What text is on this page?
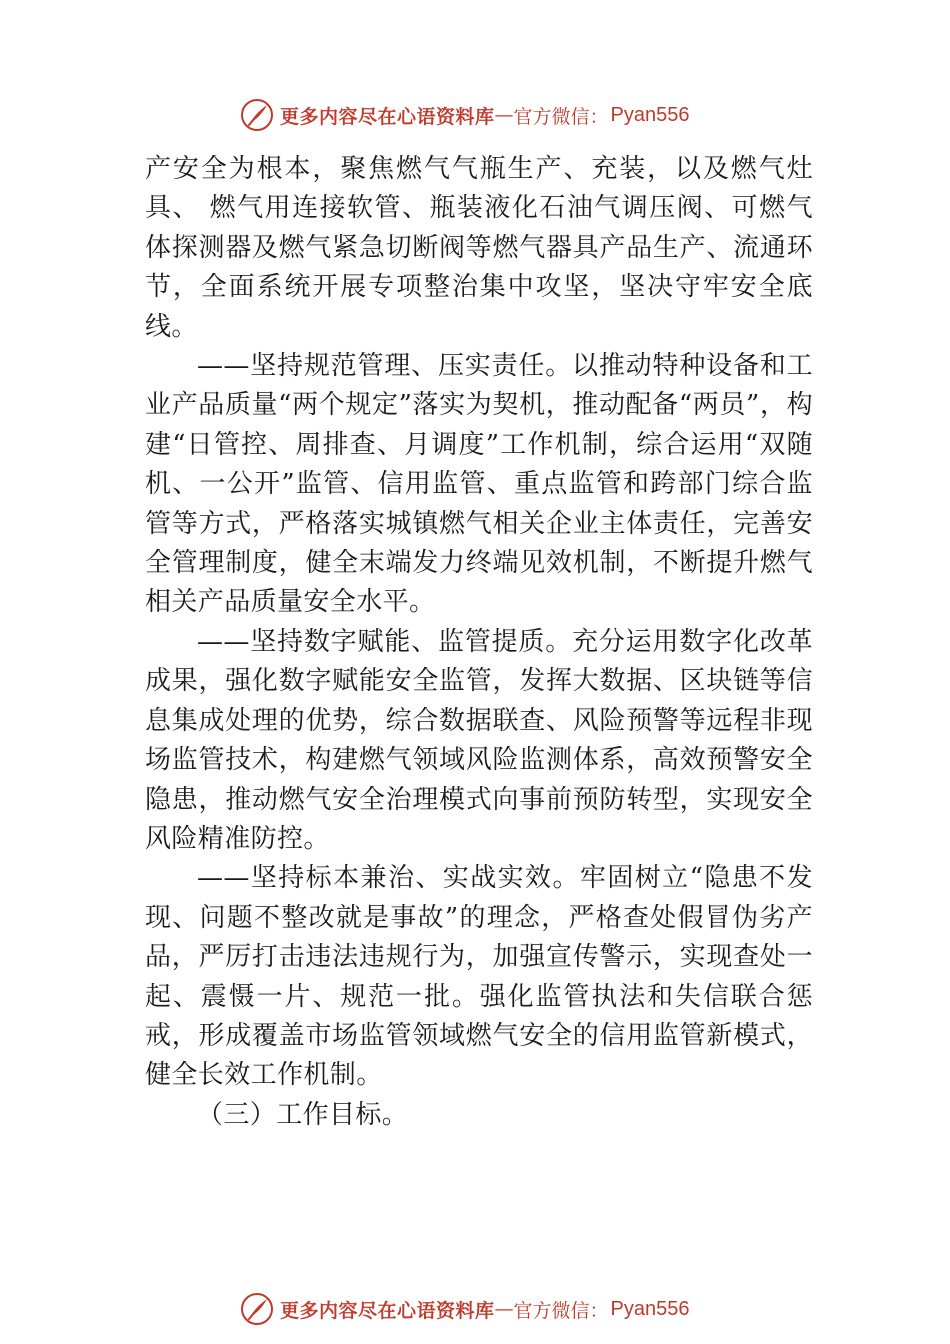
更多内容尽在心语资料库 — 官方微信： Pyan556

产安全为根本，聚焦燃气气瓶生产、充装，以及燃气灶具、 燃气用连接软管、瓶装液化石油气调压阀、可燃气体探测器及燃气紧急切断阀等燃气器具产品生产、流通环节，全面系统开展专项整治集中攻坚，坚决守牢安全底线。

——坚持规范管理、压实责任。以推动特种设备和工业产品质量“两个规定”落实为契机，推动配备“两员”，构建“日管控、周排查、月调度”工作机制，综合运用“双随机、一公开”监管、信用监管、重点监管和跨部门综合监管等方式，严格落实城镇燃气相关企业主体责任，完善安全管理制度，健全末端发力终端见效机制，不断提升燃气相关产品质量安全水平。

——坚持数字赋能、监管提质。充分运用数字化改革成果，强化数字赋能安全监管，发挥大数据、区块链等信息集成处理的优势，综合数据联查、风险预警等远程非现场监管技术，构建燃气领域风险监测体系，高效预警安全隐患，推动燃气安全治理模式向事前预防转型，实现安全风险精准防控。

——坚持标本兼治、实战实效。牢固树立“隐患不发现、问题不整改就是事故”的理念，严格查处假冒伪劣产品，严厉打击违法违规行为，加强宣传警示，实现查处一起、震慑一片、规范一批。强化监管执法和失信联合惩戒，形成覆盖市场监管领域燃气安全的信用监管新模式，健全长效工作机制。

（三）工作目标。

更多内容尽在心语资料库 — 官方微信： Pyan556
